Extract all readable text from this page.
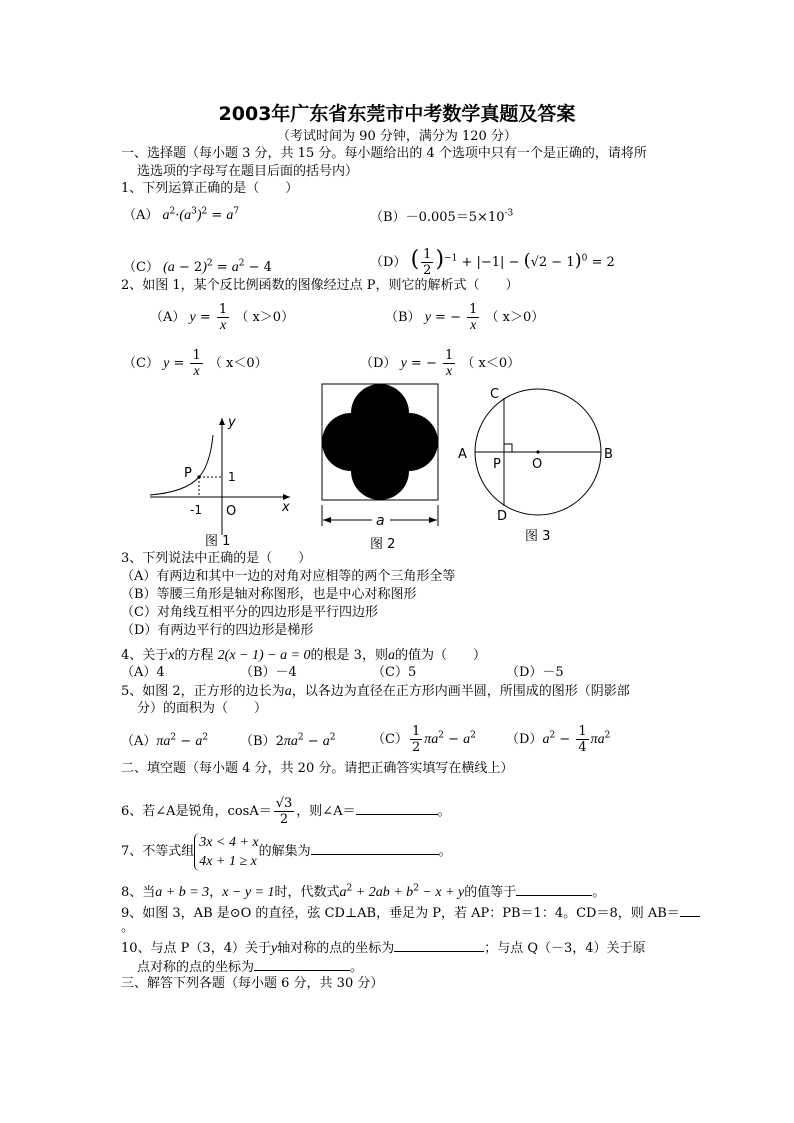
2003年广东省东莞市中考数学真题及答案
（考试时间为 90 分钟，满分为 120 分）
一、选择题（每小题 3 分，共 15 分。每小题给出的 4 个选项中只有一个是正确的，请将所
选选项的字母写在题目后面的括号内）
1、下列运算正确的是（　　）
（A） $a^2\cdot(a^3)^2 = a^7$	$(B)-0.005=5\times 10^{-3}$
（C） $(a - 2)^2 = a^2 - 4$	（D） ( $\frac{1}{2} )^{-1} + |-1| - (√2 - 1)^0 = 2$
2、如图 1，某个反比例函数的图像经过点 P，则它的解析式（　　）
（A） $y = \frac{1}{x}$ （ x＞0）	（B） y = − $\frac{1}{x}$ （ x＞0）
（C） $y = \frac{1}{x}$ （ x＜0）	（D） y = − $\frac{1}{x}$ （ x＜0）
y
x
P	1
-1 O
图 1
a
图 2
A	B
C
D
P O
图 3
3、下列说法中正确的是（　　）
（A）有两边和其中一边的对角对应相等的两个三角形全等
（B）等腰三角形是轴对称图形，也是中心对称图形
（C）对角线互相平分的四边形是平行四边形
（D）有两边平行的四边形是梯形
4、关于x的方程 2(x − 1) − a = 0的根是 3，则a的值为（　　）
（A）4	（B）－4	（C）5	（D）－5
5、如图 2，正方形的边长为a，以各边为直径在正方形内画半圆，所围成的图形（阴影部
分）的面积为（　　）
$(A)\pi a^2 - a^2$ $(B)2\pi a^2 - a^2$	$(C) \frac{1}{2} \pi a^2 - a^2$ $(D)a^2 - \frac{1}{4} \pi a^2$
二、填空题（每小题 4 分，共 20 分。请把正确答实填写在横线上）
6、若∠A是锐角，$\cos A= \frac{√3}{2}$ ，则∠A＝	。
7、不等式组3x < 4 + x
4x + 1 ≥ x的解集为	。
8、当a + b = 3，x − y = 1时，代数式$a^2 + 2ab + b^2 - x + y$的值等于	。
9、如图 3，AB 是⊙O 的直径，弦 CD⊥AB，垂足为 P，若 AP：PB＝1：4。CD＝8，则 AB＝
。
10、与点 P（3，4）关于y轴对称的点的坐标为	；与点 Q（－3，4）关于原
点对称的点的坐标为	。
三、解答下列各题（每小题 6 分，共 30 分）
